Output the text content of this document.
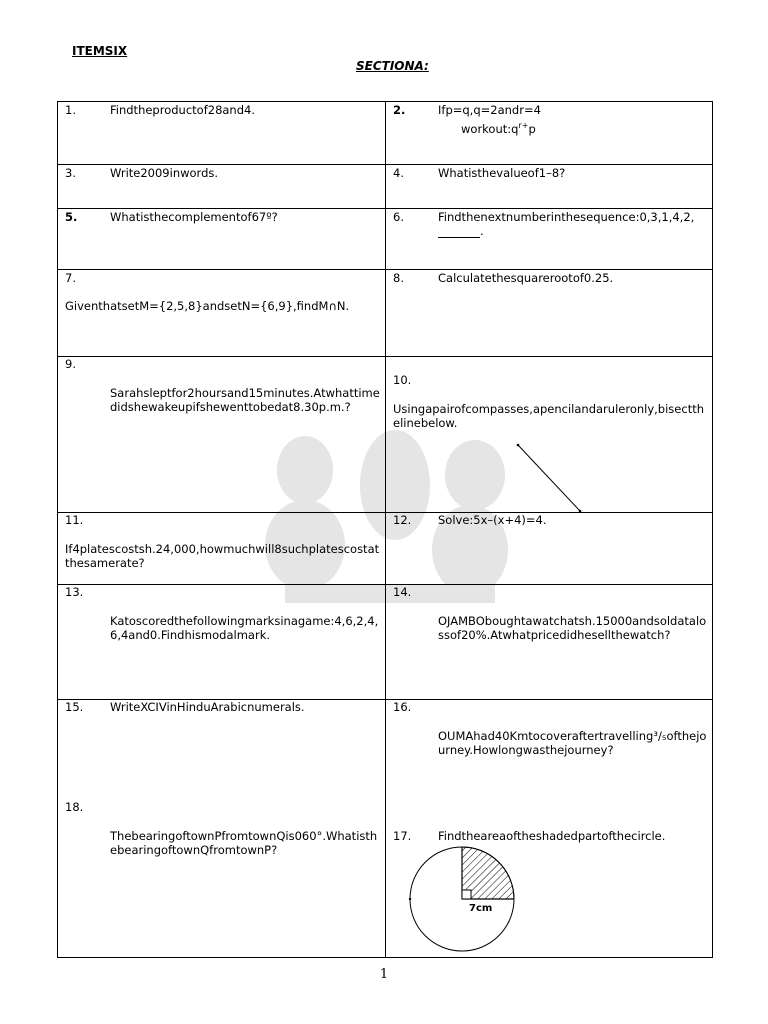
ITEMSIX
SECTIONA:
1. Findtheproductof28and4.	2. Ifp=q,q=2andr=4
$workout:q^{r+}p$

3. Write2009inwords.	4. Whatisthevalueof1–8?

5. Whatisthecomplementof67º?	6. Findthenextnumberinthesequence:0,3,1,4,2, .

7.
GiventhatsetM={2,5,8}andsetN={6,9},findM∩N.	8. Calculatethesquarerootof0.25.

9.
Sarahsleptfor2hoursand15minutes.Atwhattimedidshewakeupifshewenttobedat8.30p.m.?	10.
Usingapairofcompasses,apencilandaruleronly,bisectthelinebelow.

11.
If4platescostsh.24,000,howmuchwill8suchplatescostatthesamerate?	12. Solve:5x–(x+4)=4.

13.
Katoscoredthefollowingmarksinagame:4,6,2,4,6,4and0.Findhismodalmark.	14.
OJAMBOboughtawatchatsh.15000andsoldatalossof20%.Atwhatpricedidhesellthewatch?

15. WriteXCIVinHinduArabicnumerals.
18.
ThebearingoftownPfromtownQis060°.WhatisthebearingoftownQfromtownP?	16.
OUMAhad40Kmtocoveraftertravelling³/₅ofthejourney.Howlongwasthejourney?
17. Findtheareaoftheshadedpartofthecircle.
7cm
1
